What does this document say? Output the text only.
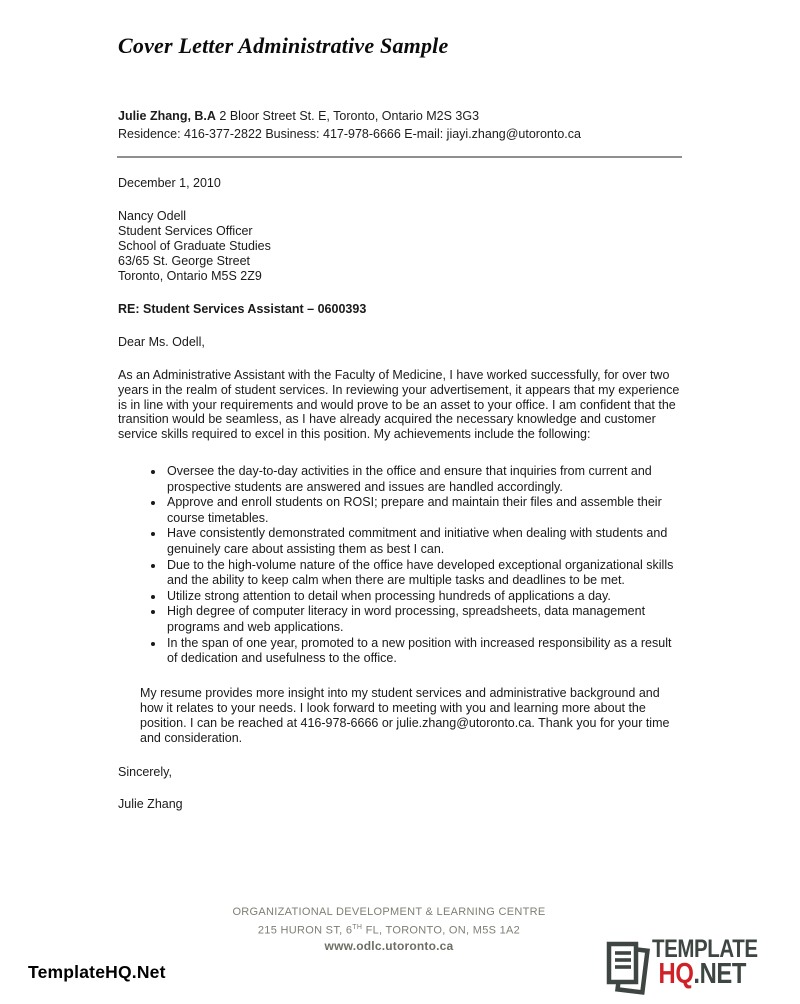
Cover Letter Administrative Sample
Julie Zhang, B.A 2 Bloor Street St. E, Toronto, Ontario M2S 3G3
Residence: 416-377-2822 Business: 417-978-6666 E-mail: jiayi.zhang@utoronto.ca

December 1, 2010

Nancy Odell
Student Services Officer
School of Graduate Studies
63/65 St. George Street
Toronto, Ontario M5S 2Z9

RE: Student Services Assistant – 0600393

Dear Ms. Odell,

As an Administrative Assistant with the Faculty of Medicine, I have worked successfully, for over two years in the realm of student services. In reviewing your advertisement, it appears that my experience is in line with your requirements and would prove to be an asset to your office. I am confident that the transition would be seamless, as I have already acquired the necessary knowledge and customer service skills required to excel in this position. My achievements include the following:

• Oversee the day-to-day activities in the office and ensure that inquiries from current and prospective students are answered and issues are handled accordingly.
• Approve and enroll students on ROSI; prepare and maintain their files and assemble their course timetables.
• Have consistently demonstrated commitment and initiative when dealing with students and genuinely care about assisting them as best I can.
• Due to the high-volume nature of the office have developed exceptional organizational skills and the ability to keep calm when there are multiple tasks and deadlines to be met.
• Utilize strong attention to detail when processing hundreds of applications a day.
• High degree of computer literacy in word processing, spreadsheets, data management programs and web applications.
• In the span of one year, promoted to a new position with increased responsibility as a result of dedication and usefulness to the office.

My resume provides more insight into my student services and administrative background and how it relates to your needs. I look forward to meeting with you and learning more about the position. I can be reached at 416-978-6666 or julie.zhang@utoronto.ca. Thank you for your time and consideration.

Sincerely,

Julie Zhang

ORGANIZATIONAL DEVELOPMENT & LEARNING CENTRE
215 HURON ST, 6TH FL, TORONTO, ON, M5S 1A2
www.odlc.utoronto.ca
TemplateHQ.Net
TEMPLATE
HQ.NET
